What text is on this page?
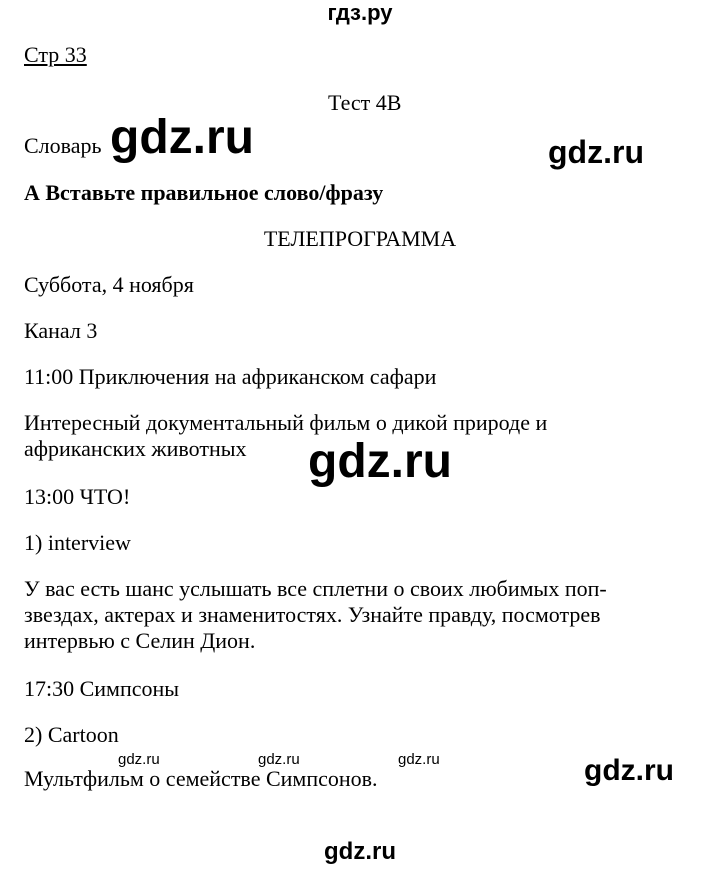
гдз.ру
Стр 33
Тест 4В
Словарь gdz.ru	gdz.ru
А Вставьте правильное слово/фразу
ТЕЛЕПРОГРАММА
Суббота, 4 ноября
Канал 3
11:00 Приключения на африканском сафари
Интересный документальный фильм о дикой природе и
африканских животных gdz.ru
13:00 ЧТО!
1) interview
У вас есть шанс услышать все сплетни о своих любимых поп-
звездах, актерах и знаменитостях. Узнайте правду, посмотрев
интервью с Селин Дион.
17:30 Симпсоны
2) Cartoon
gdz.ru	gdz.ru	gdz.ru
Мультфильм о семействе Симпсонов.	gdz.ru
gdz.ru
